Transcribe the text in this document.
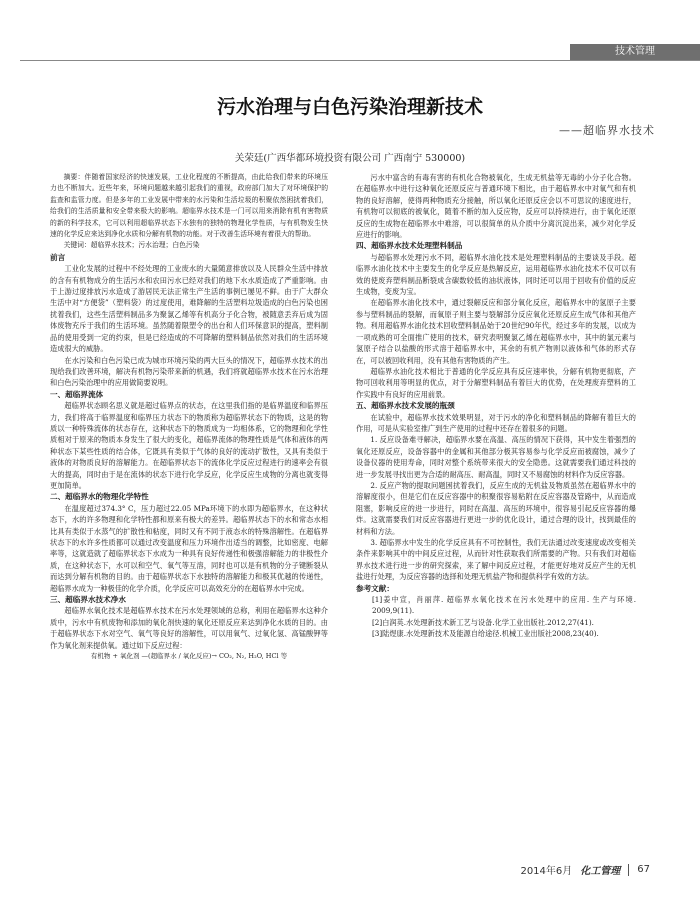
技术管理
污水治理与白色污染治理新技术
——超临界水技术
关荣廷(广西华都环境投资有限公司 广西南宁 530000)

摘要：伴随着国家经济的快速发展，工业化程度的不断提高，由此给我们带来的环境压力也不断加大。近些年来，环境问题越来越引起我们的重视，政府部门加大了对环境保护的监查和监管力度。但是多年的工业发展中带来的水污染和生活垃圾的积聚依然困扰着我们，给我们的生活质量和安全带来极大的影响。超临界水技术是一门可以用来消除有机有害物质的新的科学技术，它可以利用超临界状态下水独有的独特的物理化学性质，与有机物发生快速的化学反应来达到净化水质和分解有机物的功能。对于改善生活环境有着很大的帮助。

关键词：超临界水技术；污水治理；白色污染

前言

工业化发展的过程中不经处理的工业废水的大量随意排放以及人民群众生活中排放的含有有机物成分的生活污水和农田污水已经对我们的地下水水质造成了严重影响。由于上游过度排放污水造成了游居民无法正常生产生活的事例已屡见不鲜。由于广大群众生活中对“方便袋”（塑料袋）的过度使用，难降解的生活塑料垃圾造成的白色污染也困扰着我们，这些生活塑料制品多为聚氯乙烯等有机高分子化合物，被随意丢弃后成为固体废物充斥于我们的生活环境。虽然随着限塑令的出台和人们环保意识的提高，塑料制品的使用受到一定的约束，但是已经造成的不可降解的塑料制品依然对我们的生活环境造成很大的威胁。

在水污染和白色污染已成为城市环境污染的两大巨头的情况下，超临界水技术的出现给我们改善环境，解决有机物污染带来新的机遇，我们将就超临界水技术在污水治理和白色污染治理中的应用做简要说明。

一、超临界流体

超临界状态顾名思义就是超过临界点的状态，在这里我们指的是临界温度和临界压力，我们将高于临界温度和临界压力状态下的物质称为超临界状态下的物质，这是的物质以一种特殊流体的状态存在，这种状态下的物质成为一均相体系，它的物理和化学性质相对于原来的物质本身发生了很大的变化，超临界流体的物理性质是气体和液体的两种状态下某些性质的结合体，它既具有类似于气体的良好的流动扩散性，又具有类似于液体的对物质良好的溶解能力。在超临界状态下的流体化学反应过程进行的速率会有很大的提高，同时由于是在流体的状态下进行化学反应，化学反应生成物的分离也就变得更加简单。

二、超临界水的物理化学特性

在温度超过374.3° C，压力超过22.05 MPa环境下的水即为超临界水，在这种状态下，水的许多物理和化学特性都和原来有极大的差异。超临界状态下的水和常态水相比具有类似于水蒸气的扩散性和粘度，同时又有不同于液态水的特殊溶解性。在超临界状态下的水许多性质都可以通过改变温度和压力环境作出适当的调整，比如密度、电解率等，这就造就了超临界状态下水成为一种具有良好传递性和极强溶解能力的非极性介质，在这种状态下，水可以和空气、氧气等互溶，同时也可以是有机物的分子键断裂从而达到分解有机物的目的。由于超临界状态下水独特的溶解能力和极其优越的传递性，超临界水成为一种极佳的化学介质，化学反应可以高效充分的在超临界水中完成。

三、超临界水技术净水

超临界水氧化技术是超临界水技术在污水处理领域的总称，利用在超临界水这种介质中，污水中有机废物和添加的氧化剂快速的氧化还原反应来达到净化水质的目的。由于超临界状态下水对空气、氧气等良好的溶解性，可以用氧气、过氧化氢、高锰酸钾等作为氧化剂来提供氧。通过如下反应过程：

有机物 + 氧化剂 —(超临界水 / 氧化反应)→ CO₂, N₂, H₂O, HCl 等

污水中富含的有毒有害的有机化合物被氧化，生成无机盐等无毒的小分子化合物。在超临界水中进行这种氧化还原反应与普通环境下相比，由于超临界水中对氧气和有机物的良好溶解，使得两种物质充分接触，所以氧化还原反应会以不可思议的速度进行，有机物可以彻底的被氧化，随着不断的加入反应物，反应可以持续进行，由于氧化还原反应的生成物在超临界水中难溶，可以很简单的从介质中分离沉淀出来，减少对化学反应进行的影响。

四、超临界水技术处理塑料制品

与超临界水处理污水不同，超临界水油化技术是处理塑料制品的主要谈及手段。超临界水油化技术中主要发生的化学反应是热解反应，运用超临界水油化技术不仅可以有效的使废弃塑料制品断裂成含碳数较低的油状液体，同时还可以用于回收有价值的反应生成物，变废为宝。

在超临界水油化技术中，通过裂解反应和部分氧化反应，超临界水中的氢原子主要参与塑料制品的裂解，而氧原子则主要与裂解部分反应氧化还原反应生成气体和其他产物。利用超临界水油化技术回收塑料制品始于20世纪90年代，经过多年的发展，以成为一项成熟的可全面推广使用的技术，研究表明聚氯乙烯在超临界水中，其中的氯元素与氢原子结合以盐酸的形式溶于超临界水中，其余的有机产物则以液体和气体的形式存在，可以被回收利用，没有其他有害物质的产生。

超临界水油化技术相比于普通的化学反应具有反应速率快，分解有机物更彻底，产物可回收利用等明显的优点，对于分解塑料制品有着巨大的优势，在处理废弃塑料的工作实践中有良好的应用前景。

五、超临界水技术发展的瓶颈

在试验中，超临界水技术效果明显，对于污水的净化和塑料制品的降解有着巨大的作用，可是从实验室推广到生产使用的过程中还存在着很多的问题。

1. 反应设备难寻解决，超临界水要在高温、高压的情况下获得，其中发生着强烈的氧化还原反应，设备容器中的金属和其他部分极其容易参与化学反应而被腐蚀，减少了设备仪器的使用寿命，同时对整个系统带来很大的安全隐患。这就需要我们通过科技的进一步发展寻找出更为合适的耐高压、耐高温，同时又不易腐蚀的材料作为反应容器。

2. 反应产物的提取问题困扰着我们，反应生成的无机盐及物质虽然在超临界水中的溶解度很小，但是它们在反应容器中的积聚很容易粘附在反应容器及管路中，从而造成阻塞，影响反应的进一步进行，同时在高温、高压的环境中，很容易引起反应容器的爆炸。这就需要我们对反应容器进行更进一步的优化设计，通过合理的设计，找到最佳的材料和方法。

3. 超临界水中发生的化学反应具有不可控制性，我们无法通过改变速度或改变相关条件来影响其中的中间反应过程，从而针对性获取我们所需要的产物。只有我们对超临界水技术进行进一步的研究探索，来了解中间反应过程，才能更好地对反应产生的无机盐进行处理，为反应容器的选择和处理无机盐产物和提供科学有效的方法。

参考文献：

[1]姜中宣，肖丽萍. 超临界水氧化技术在污水处理中的应用. 生产与环境. 2009,9(11).

[2]白润英.水处理新技术新工艺与设备.化学工业出版社.2012,27(41).

[3]陆煜康.水处理新技术及能源自给途径.机械工业出版社2008,23(40).

2014年6月 化工管理 67
